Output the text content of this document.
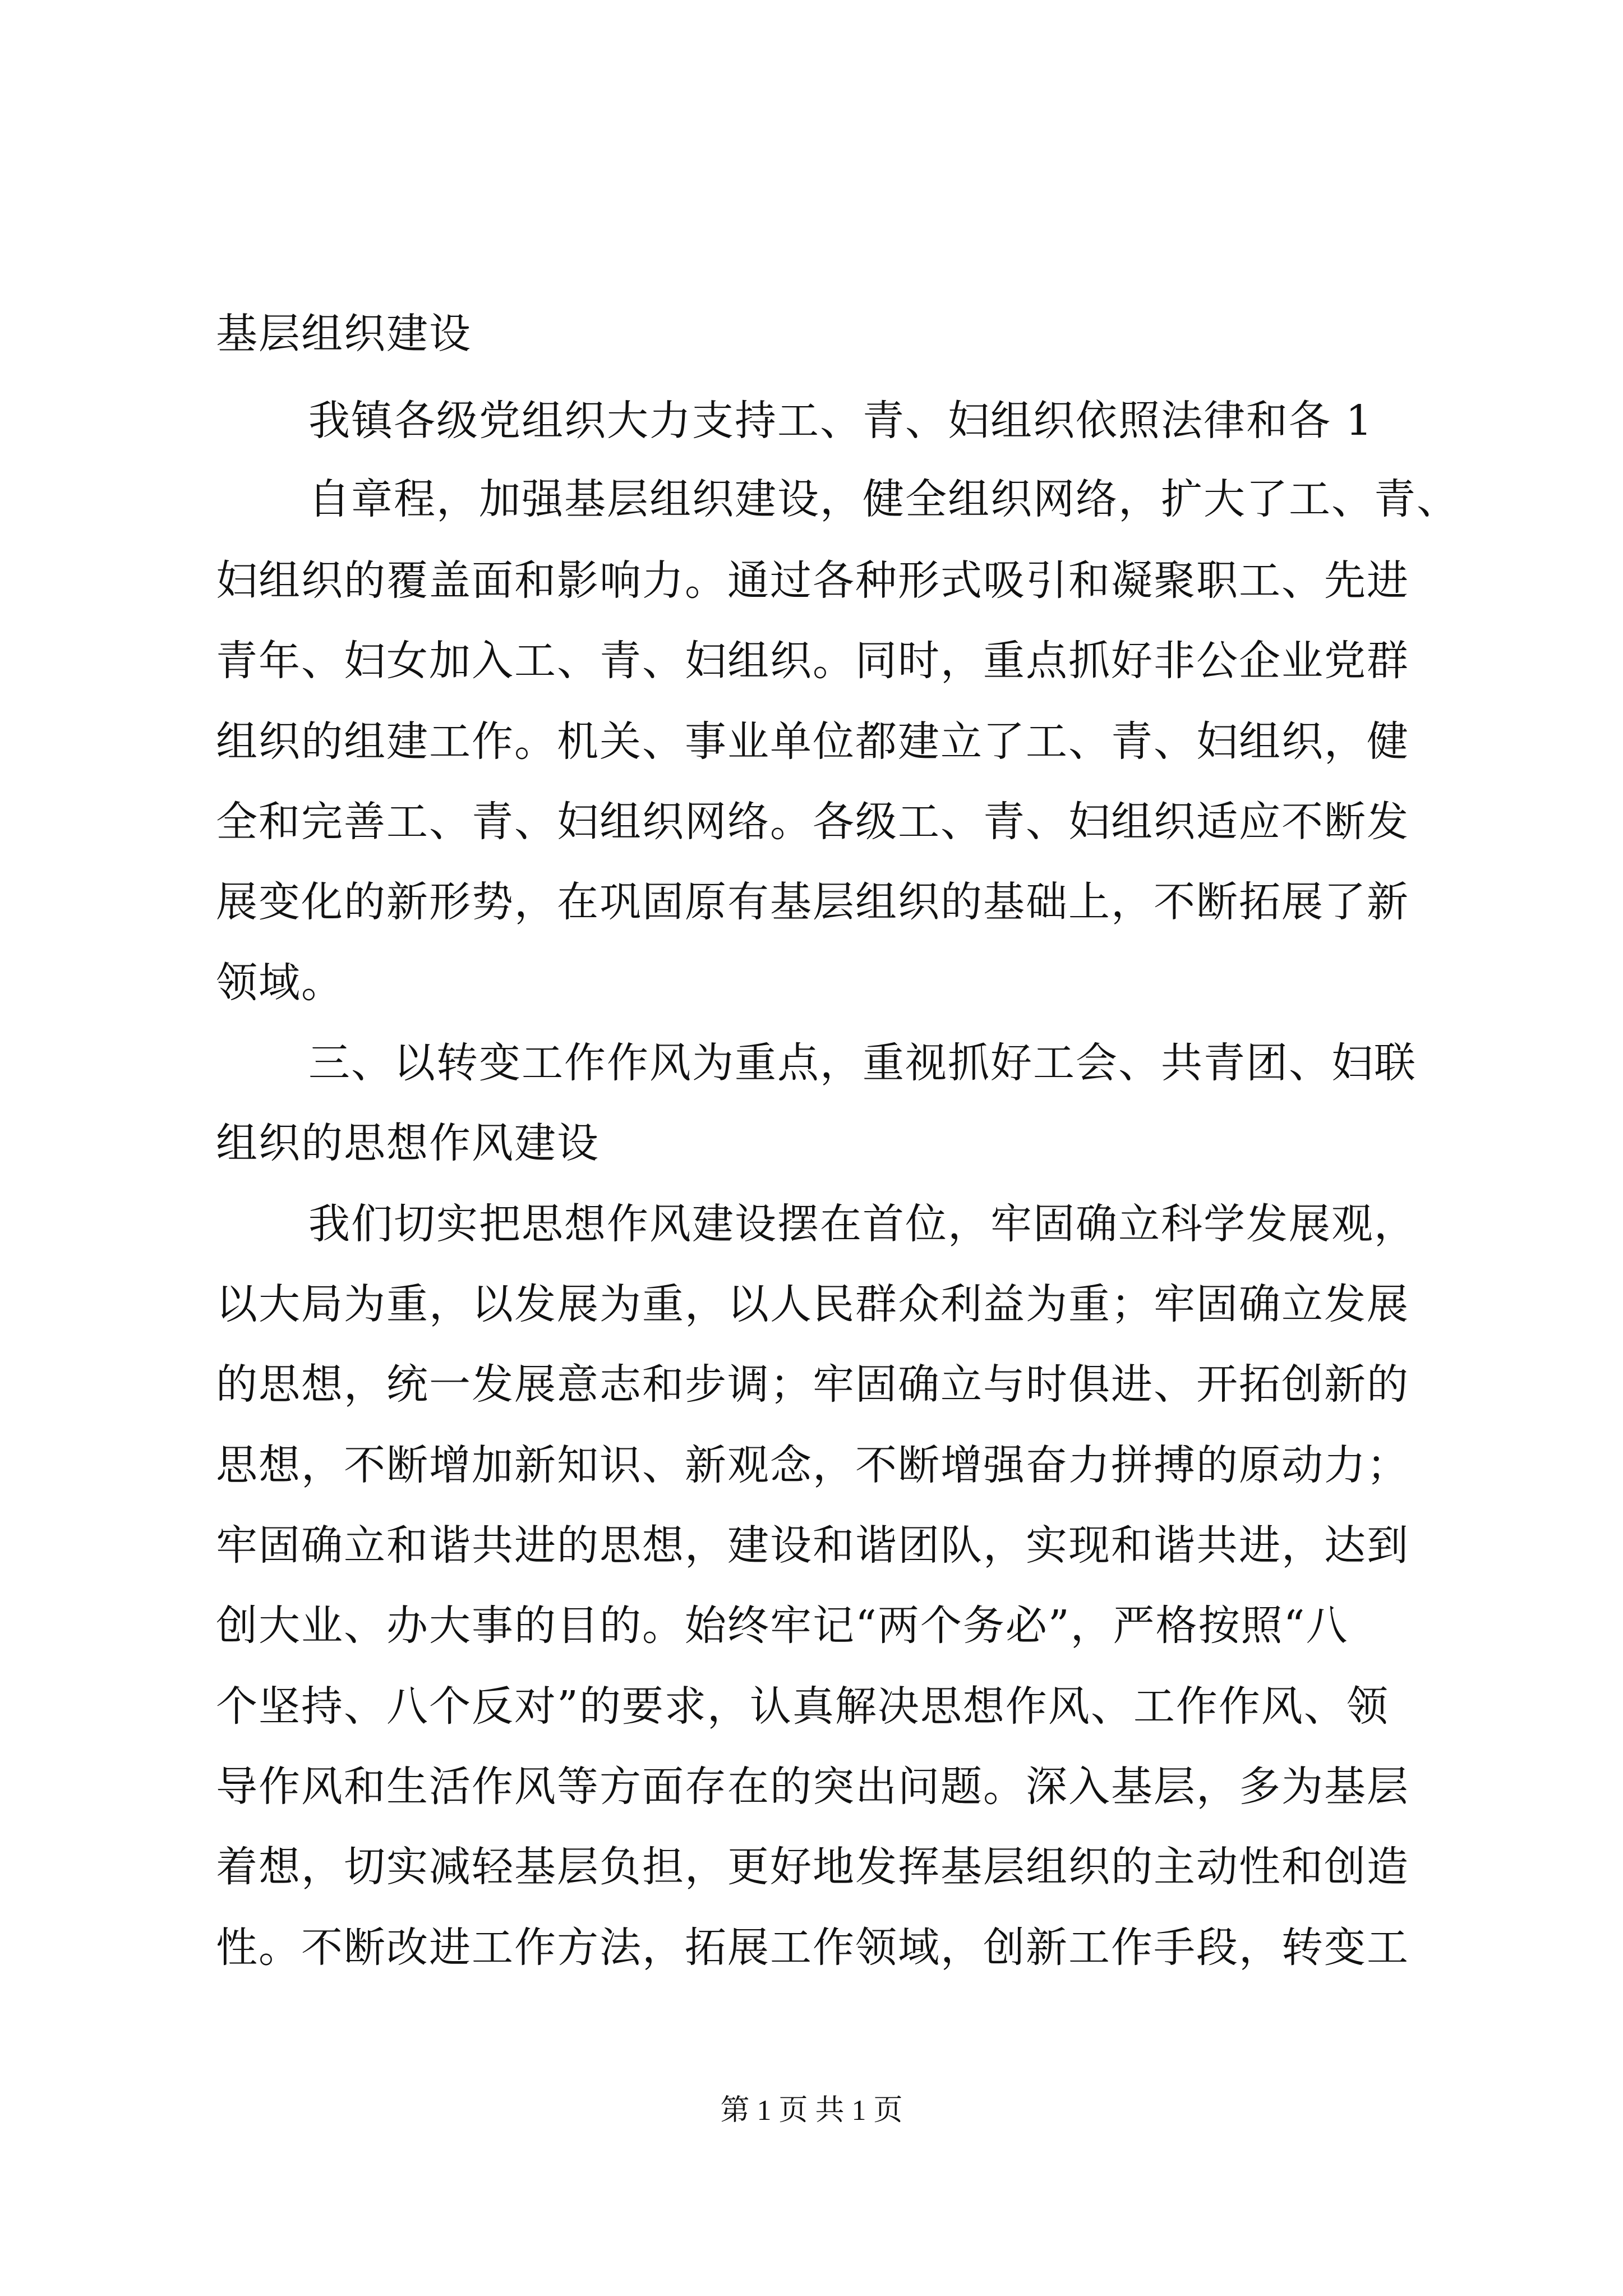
基层组织建设
我镇各级党组织大力支持工、青、妇组织依照法律和各 1
自章程，加强基层组织建设，健全组织网络，扩大了工、青、
妇组织的覆盖面和影响力。通过各种形式吸引和凝聚职工、先进
青年、妇女加入工、青、妇组织。同时，重点抓好非公企业党群
组织的组建工作。机关、事业单位都建立了工、青、妇组织，健
全和完善工、青、妇组织网络。各级工、青、妇组织适应不断发
展变化的新形势，在巩固原有基层组织的基础上，不断拓展了新
领域。
三、以转变工作作风为重点，重视抓好工会、共青团、妇联
组织的思想作风建设
我们切实把思想作风建设摆在首位，牢固确立科学发展观，
以大局为重，以发展为重，以人民群众利益为重；牢固确立发展
的思想，统一发展意志和步调；牢固确立与时俱进、开拓创新的
思想，不断增加新知识、新观念，不断增强奋力拼搏的原动力；
牢固确立和谐共进的思想，建设和谐团队，实现和谐共进，达到
创大业、办大事的目的。始终牢记“两个务必”，严格按照“八
个坚持、八个反对”的要求，认真解决思想作风、工作作风、领
导作风和生活作风等方面存在的突出问题。深入基层，多为基层
着想，切实减轻基层负担，更好地发挥基层组织的主动性和创造
性。不断改进工作方法，拓展工作领域，创新工作手段，转变工
第 1 页 共 1 页
